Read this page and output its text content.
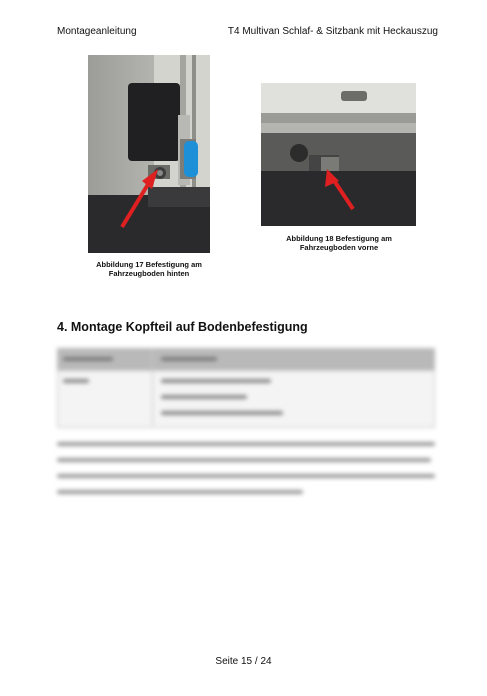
Montageanleitung	T4 Multivan Schlaf- & Sitzbank mit Heckauszug
Abbildung 17 Befestigung am Fahrzeugboden hinten
Abbildung 18 Befestigung am Fahrzeugboden vorne
4. Montage Kopfteil auf Bodenbefestigung
Seite 15 / 24
